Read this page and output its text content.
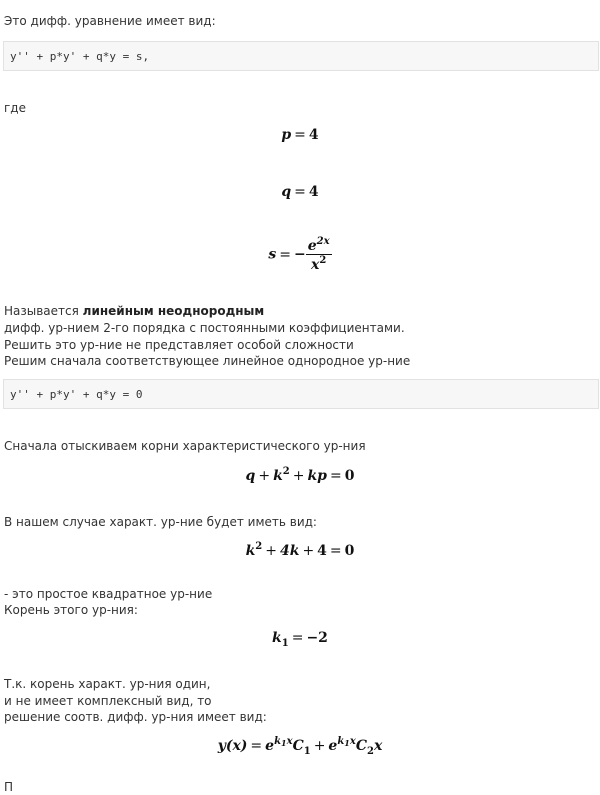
Это дифф. уравнение имеет вид:
y'' + p*y' + q*y = s,
где
p = 4
q = 4
s = − $\frac{e^{2x}}{x^2}$
Называется линейным неоднородным
дифф. ур-нием 2-го порядка с постоянными коэффициентами.
Решить это ур-ние не представляет особой сложности
Решим сначала соответствующее линейное однородное ур-ние
y'' + p*y' + q*y = 0
Сначала отыскиваем корни характеристического ур-ния
$q + k^2$ + kp = 0
В нашем случае характ. ур-ние будет иметь вид:
$k^2 + 4k + 4 = 0$
- это простое квадратное ур-ние
Корень этого ур-ния:
$k_1 = -2$
Т.к. корень характ. ур-ния один,
и не имеет комплексный вид, то
решение соотв. дифф. ур-ния имеет вид:
$y(x) = e^{k_1x}C_1 + e^{k_1x}C_2x$
П
